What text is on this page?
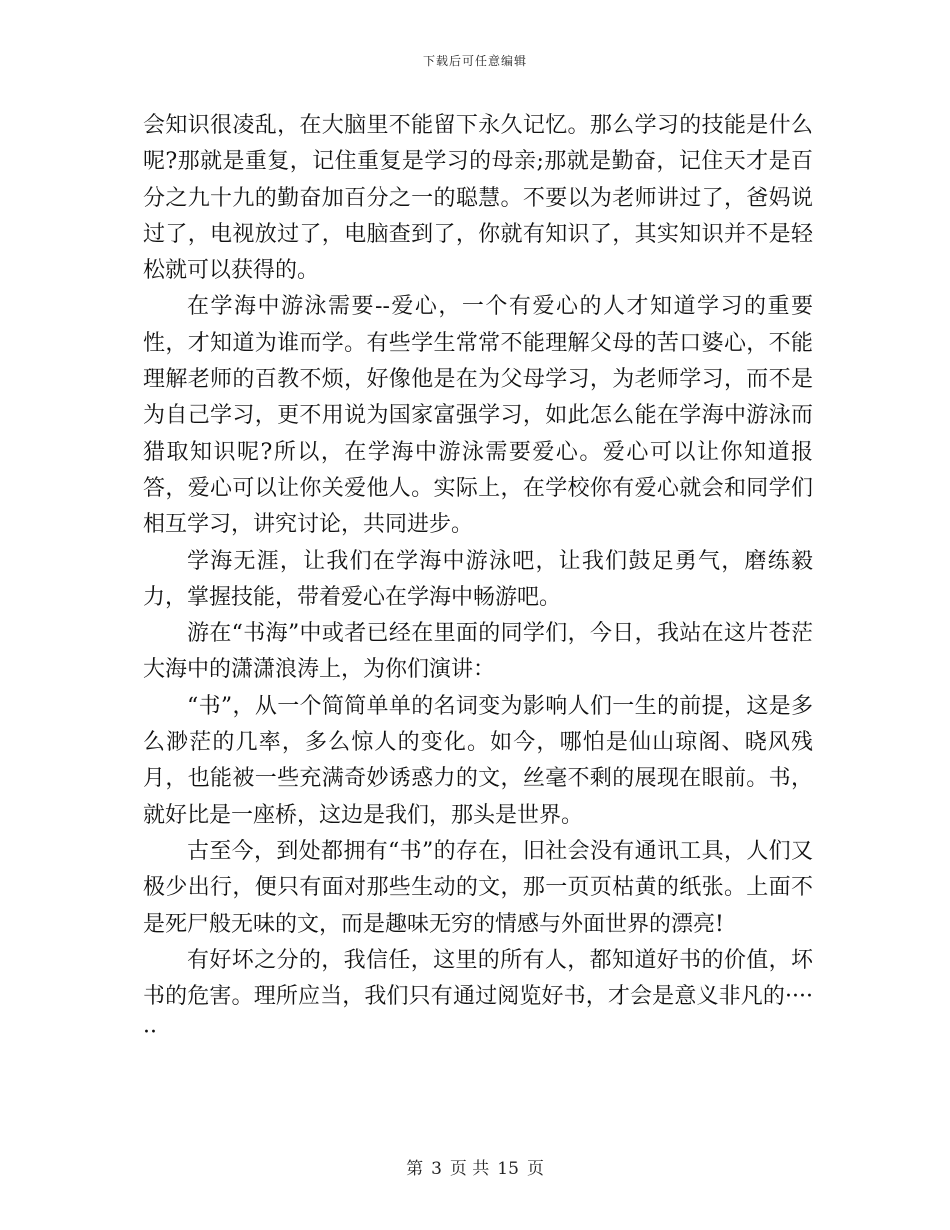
下载后可任意编辑

会知识很凌乱，在大脑里不能留下永久记忆。那么学习的技能是什么呢?那就是重复，记住重复是学习的母亲;那就是勤奋，记住天才是百分之九十九的勤奋加百分之一的聪慧。不要以为老师讲过了，爸妈说过了，电视放过了，电脑查到了，你就有知识了，其实知识并不是轻松就可以获得的。

在学海中游泳需要--爱心，一个有爱心的人才知道学习的重要性，才知道为谁而学。有些学生常常不能理解父母的苦口婆心，不能理解老师的百教不烦，好像他是在为父母学习，为老师学习，而不是为自己学习，更不用说为国家富强学习，如此怎么能在学海中游泳而猎取知识呢?所以，在学海中游泳需要爱心。爱心可以让你知道报答，爱心可以让你关爱他人。实际上，在学校你有爱心就会和同学们相互学习，讲究讨论，共同进步。

学海无涯，让我们在学海中游泳吧，让我们鼓足勇气，磨练毅力，掌握技能，带着爱心在学海中畅游吧。

游在“书海”中或者已经在里面的同学们，今日，我站在这片苍茫大海中的潇潇浪涛上，为你们演讲：

“书”，从一个简简单单的名词变为影响人们一生的前提，这是多么渺茫的几率，多么惊人的变化。如今，哪怕是仙山琼阁、晓风残月，也能被一些充满奇妙诱惑力的文，丝毫不剩的展现在眼前。书，就好比是一座桥，这边是我们，那头是世界。

古至今，到处都拥有“书”的存在，旧社会没有通讯工具，人们又极少出行，便只有面对那些生动的文，那一页页枯黄的纸张。上面不是死尸般无味的文，而是趣味无穷的情感与外面世界的漂亮!

有好坏之分的，我信任，这里的所有人，都知道好书的价值，坏书的危害。理所应当，我们只有通过阅览好书，才会是意义非凡的······

第 3 页 共 15 页
